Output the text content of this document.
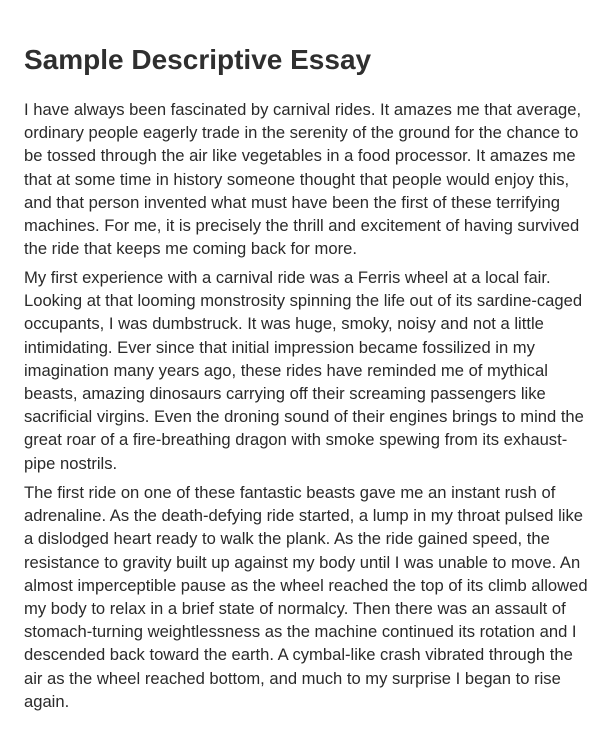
Sample Descriptive Essay

I have always been fascinated by carnival rides. It amazes me that average,
ordinary people eagerly trade in the serenity of the ground for the chance to
be tossed through the air like vegetables in a food processor. It amazes me
that at some time in history someone thought that people would enjoy this,
and that person invented what must have been the first of these terrifying
machines. For me, it is precisely the thrill and excitement of having survived
the ride that keeps me coming back for more.

My first experience with a carnival ride was a Ferris wheel at a local fair.
Looking at that looming monstrosity spinning the life out of its sardine-caged
occupants, I was dumbstruck. It was huge, smoky, noisy and not a little
intimidating. Ever since that initial impression became fossilized in my
imagination many years ago, these rides have reminded me of mythical
beasts, amazing dinosaurs carrying off their screaming passengers like
sacrificial virgins. Even the droning sound of their engines brings to mind the
great roar of a fire-breathing dragon with smoke spewing from its exhaust-
pipe nostrils.

The first ride on one of these fantastic beasts gave me an instant rush of
adrenaline. As the death-defying ride started, a lump in my throat pulsed like
a dislodged heart ready to walk the plank. As the ride gained speed, the
resistance to gravity built up against my body until I was unable to move. An
almost imperceptible pause as the wheel reached the top of its climb allowed
my body to relax in a brief state of normalcy. Then there was an assault of
stomach-turning weightlessness as the machine continued its rotation and I
descended back toward the earth. A cymbal-like crash vibrated through the
air as the wheel reached bottom, and much to my surprise I began to rise
again.
